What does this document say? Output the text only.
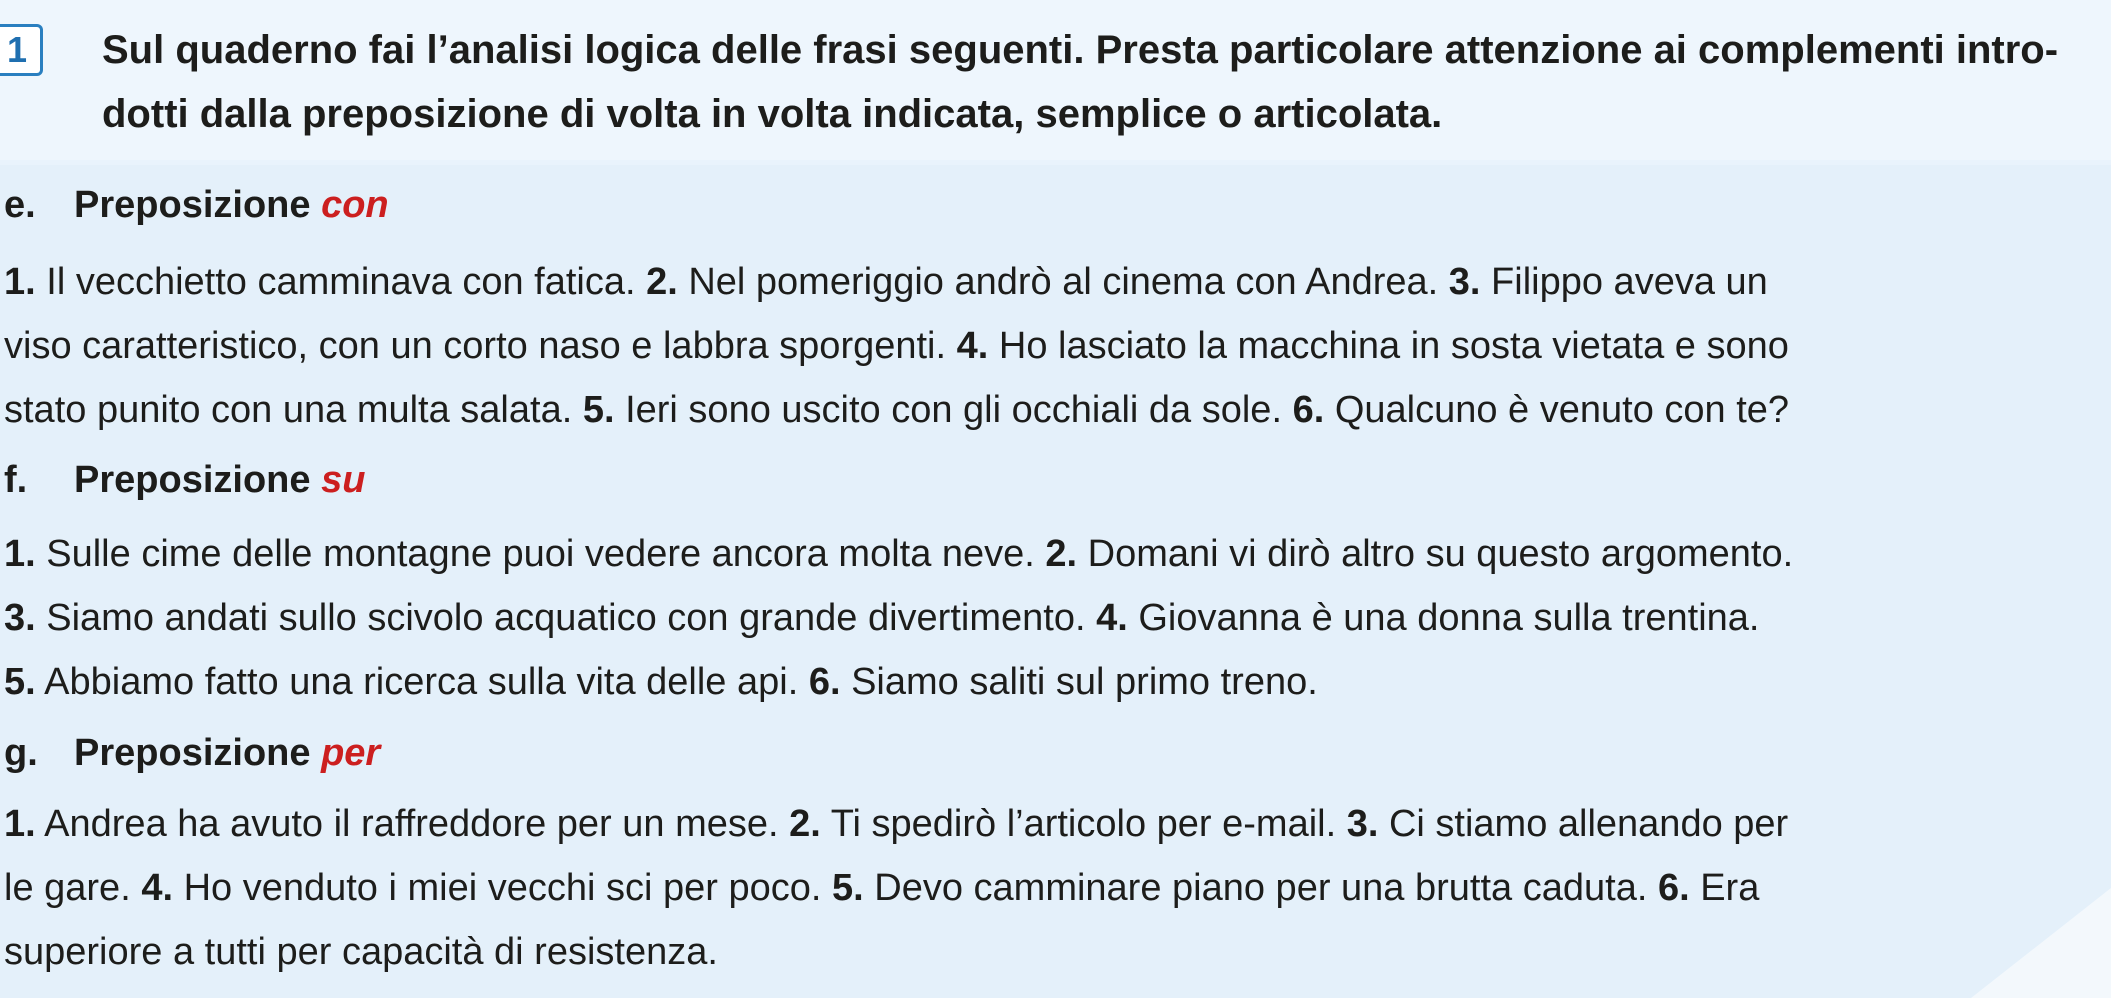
1	Sul quaderno fai l’analisi logica delle frasi seguenti. Presta particolare attenzione ai complementi intro-
dotti dalla preposizione di volta in volta indicata, semplice o articolata.
e. Preposizione con
1. Il vecchietto camminava con fatica. 2. Nel pomeriggio andrò al cinema con Andrea. 3. Filippo aveva un
viso caratteristico, con un corto naso e labbra sporgenti. 4. Ho lasciato la macchina in sosta vietata e sono
stato punito con una multa salata. 5. Ieri sono uscito con gli occhiali da sole. 6. Qualcuno è venuto con te?
f. Preposizione su
1. Sulle cime delle montagne puoi vedere ancora molta neve. 2. Domani vi dirò altro su questo argomento.
3. Siamo andati sullo scivolo acquatico con grande divertimento. 4. Giovanna è una donna sulla trentina.
5. Abbiamo fatto una ricerca sulla vita delle api. 6. Siamo saliti sul primo treno.
g. Preposizione per
1. Andrea ha avuto il raffreddore per un mese. 2. Ti spedirò l’articolo per e-mail. 3. Ci stiamo allenando per
le gare. 4. Ho venduto i miei vecchi sci per poco. 5. Devo camminare piano per una brutta caduta. 6. Era
superiore a tutti per capacità di resistenza.
